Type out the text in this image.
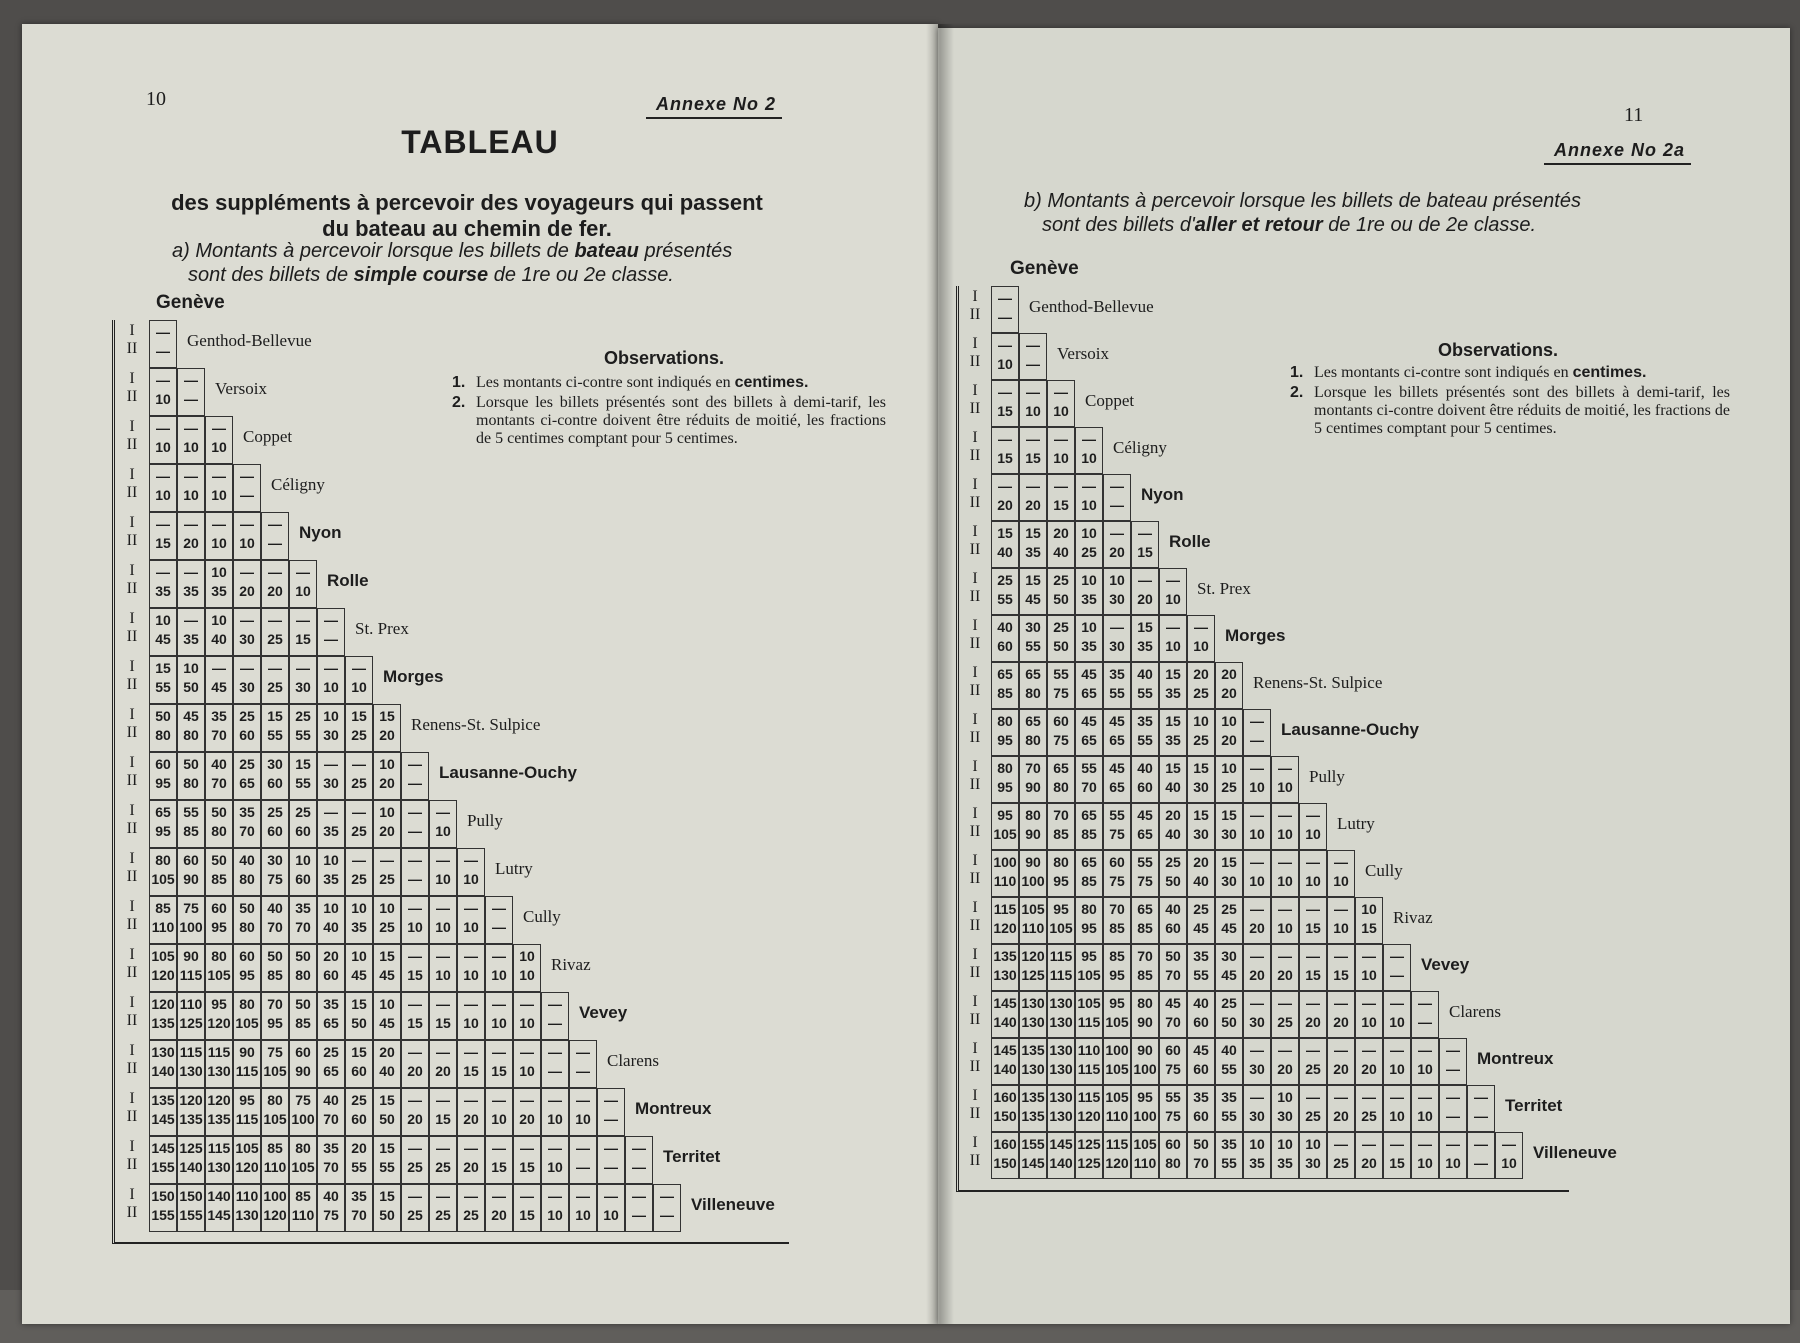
10	Annexe No 2
TABLEAU
des suppléments à percevoir des voyageurs qui passent
du bateau au chemin de fer.
a) Montants à percevoir lorsque les billets de bateau présentés
sont des billets de simple course de 1re ou 2e classe.
Genève
I
II
—
—
Genthod-Bellevue
I
II
—
10
—
—
Versoix
I
II
—
10
—
10
—
10
Coppet
I
II
—
10
—
10
—
10
—
—
Céligny
I
II
—
15
—
20
—
10
—
10
—
—
Nyon
I
II
—
35
—
35
10
35
—
20
—
20
—
10
Rolle
I
II
10
45
—
35
10
40
—
30
—
25
—
15
—
—
St. Prex
I
II
15
55
10
50
—
45
—
30
—
25
—
30
—
10
—
10
Morges
I
II
50
80
45
80
35
70
25
60
15
55
25
55
10
30
15
25
15
20
Renens-St. Sulpice
I
II
60
95
50
80
40
70
25
65
30
60
15
55
—
30
—
25
10
20
—
—
Lausanne-Ouchy
I
II
65
95
55
85
50
80
35
70
25
60
25
60
—
35
—
25
10
20
—
—
—
10
Pully
I
II
80
105
60
90
50
85
40
80
30
75
10
60
10
35
—
25
—
25
—
—
—
10
—
10
Lutry
I
II
85
110
75
100
60
95
50
80
40
70
35
70
10
40
10
35
10
25
—
10
—
10
—
10
—
—
Cully
I
II
105
120
90
115
80
105
60
95
50
85
50
80
20
60
10
45
15
45
—
15
—
10
—
10
—
10
10
10
Rivaz
I
II
120
135
110
125
95
120
80
105
70
95
50
85
35
65
15
50
10
45
—
15
—
15
—
10
—
10
—
10
—
—
Vevey
I
II
130
140
115
130
115
130
90
115
75
105
60
90
25
65
15
60
20
40
—
20
—
20
—
15
—
15
—
10
—
—
—
—
Clarens
I
II
135
145
120
135
120
135
95
115
80
105
75
100
40
70
25
60
15
50
—
20
—
15
—
20
—
10
—
20
—
10
—
10
—
—
Montreux
I
II
145
155
125
140
115
130
105
120
85
110
80
105
35
70
20
55
15
55
—
25
—
25
—
20
—
15
—
15
—
10
—
—
—
—
—
—
Territet
I
II
150
155
150
155
140
145
110
130
100
120
85
110
40
75
35
70
15
50
—
25
—
25
—
25
—
20
—
15
—
10
—
10
—
10
—
—
—
—
Villeneuve
Observations.
1. Les montants ci-contre sont indiqués en centimes.
2. Lorsque les billets présentés sont des billets à demi-tarif, les montants ci-contre doivent être réduits de moitié, les fractions de 5 centimes comptant pour 5 centimes.
11
Annexe No 2a
b) Montants à percevoir lorsque les billets de bateau présentés
sont des billets d'aller et retour de 1re ou de 2e classe.
Genève
I
II
—
—
Genthod-Bellevue
I
II
—
10
—
—
Versoix
I
II
—
15
—
10
—
10
Coppet
I
II
—
15
—
15
—
10
—
10
Céligny
I
II
—
20
—
20
—
15
—
10
—
—
Nyon
I
II
15
40
15
35
20
40
10
25
—
20
—
15
Rolle
I
II
25
55
15
45
25
50
10
35
10
30
—
20
—
10
St. Prex
I
II
40
60
30
55
25
50
10
35
—
30
15
35
—
10
—
10
Morges
I
II
65
85
65
80
55
75
45
65
35
55
40
55
15
35
20
25
20
20
Renens-St. Sulpice
I
II
80
95
65
80
60
75
45
65
45
65
35
55
15
35
10
25
10
20
—
—
Lausanne-Ouchy
I
II
80
95
70
90
65
80
55
70
45
65
40
60
15
40
15
30
10
25
—
10
—
10
Pully
I
II
95
105
80
90
70
85
65
85
55
75
45
65
20
40
15
30
15
30
—
10
—
10
—
10
Lutry
I
II
100
110
90
100
80
95
65
85
60
75
55
75
25
50
20
40
15
30
—
10
—
10
—
10
—
10
Cully
I
II
115
120
105
110
95
105
80
95
70
85
65
85
40
60
25
45
25
45
—
20
—
10
—
15
—
10
10
15
Rivaz
I
II
135
130
120
125
115
115
95
105
85
95
70
85
50
70
35
55
30
45
—
20
—
20
—
15
—
15
—
10
—
—
Vevey
I
II
145
140
130
130
130
130
105
115
95
105
80
90
45
70
40
60
25
50
—
30
—
25
—
20
—
20
—
10
—
10
—
—
Clarens
I
II
145
140
135
130
130
130
110
115
100
105
90
100
60
75
45
60
40
55
—
30
—
20
—
25
—
20
—
20
—
10
—
10
—
—
Montreux
I
II
160
150
135
135
130
130
115
120
105
110
95
100
55
75
35
60
35
55
—
30
10
30
—
25
—
20
—
25
—
10
—
10
—
—
—
—
Territet
I
II
160
150
155
145
145
140
125
125
115
120
105
110
60
80
50
70
35
55
10
35
10
35
10
30
—
25
—
20
—
15
—
10
—
10
—
—
—
10
Villeneuve
Observations.
1. Les montants ci-contre sont indiqués en centimes.
2. Lorsque les billets présentés sont des billets à demi-tarif, les montants ci-contre doivent être réduits de moitié, les fractions de 5 centimes comptant pour 5 centimes.
